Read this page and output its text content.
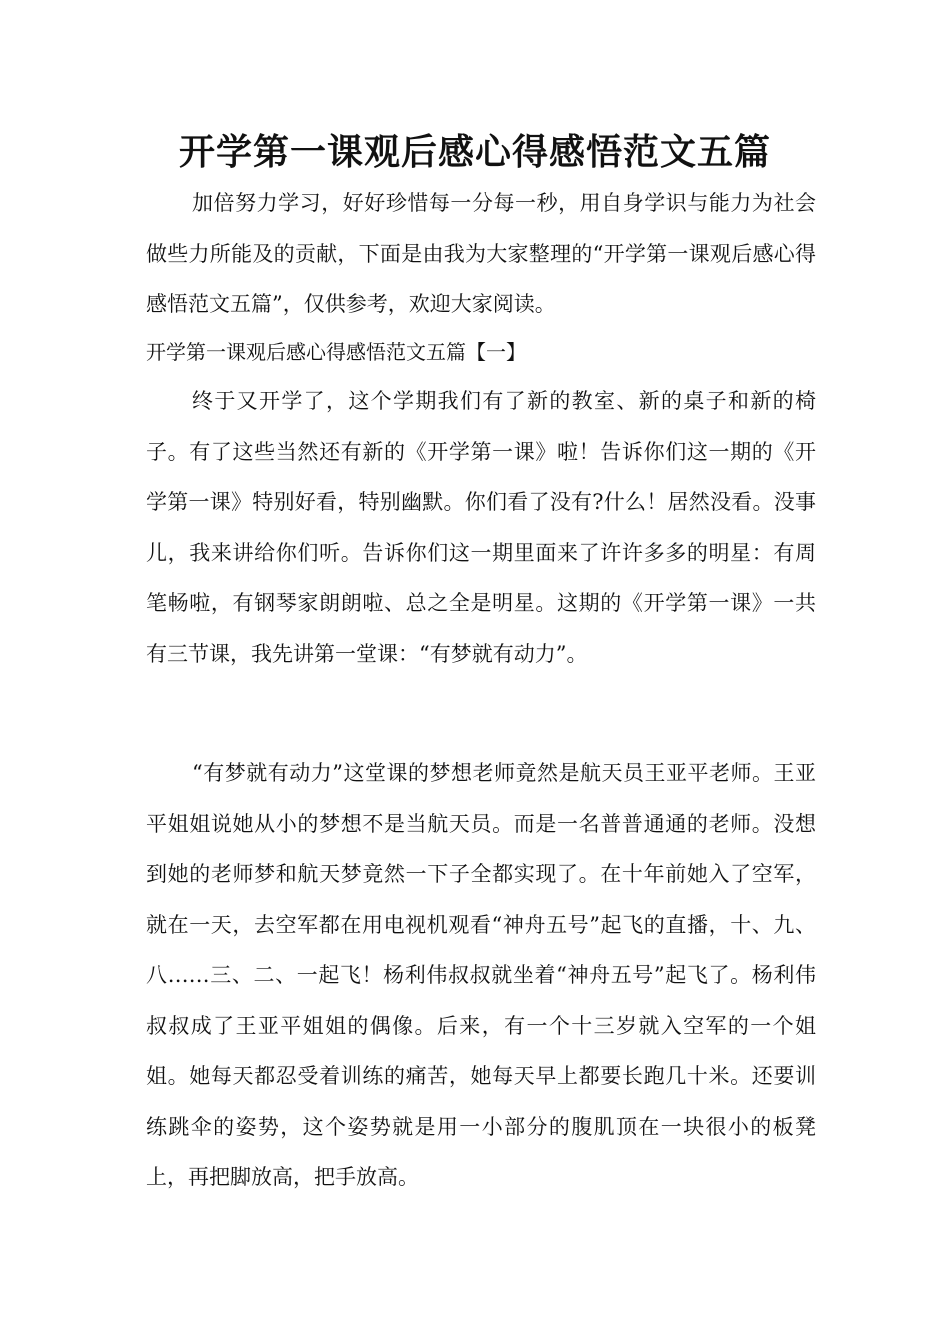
开学第一课观后感心得感悟范文五篇

加倍努力学习，好好珍惜每一分每一秒，用自身学识与能力为社会做些力所能及的贡献，下面是由我为大家整理的“开学第一课观后感心得感悟范文五篇”，仅供参考，欢迎大家阅读。

开学第一课观后感心得感悟范文五篇【一】

终于又开学了，这个学期我们有了新的教室、新的桌子和新的椅子。有了这些当然还有新的《开学第一课》啦！告诉你们这一期的《开学第一课》特别好看，特别幽默。你们看了没有?什么！居然没看。没事儿，我来讲给你们听。告诉你们这一期里面来了许许多多的明星：有周笔畅啦，有钢琴家朗朗啦、总之全是明星。这期的《开学第一课》一共有三节课，我先讲第一堂课：“有梦就有动力”。

“有梦就有动力”这堂课的梦想老师竟然是航天员王亚平老师。王亚平姐姐说她从小的梦想不是当航天员。而是一名普普通通的老师。没想到她的老师梦和航天梦竟然一下子全都实现了。在十年前她入了空军，就在一天，去空军都在用电视机观看“神舟五号”起飞的直播，十、九、八……三、二、一起飞！杨利伟叔叔就坐着“神舟五号”起飞了。杨利伟叔叔成了王亚平姐姐的偶像。后来，有一个十三岁就入空军的一个姐姐。她每天都忍受着训练的痛苦，她每天早上都要长跑几十米。还要训练跳伞的姿势，这个姿势就是用一小部分的腹肌顶在一块很小的板凳上，再把脚放高，把手放高。
